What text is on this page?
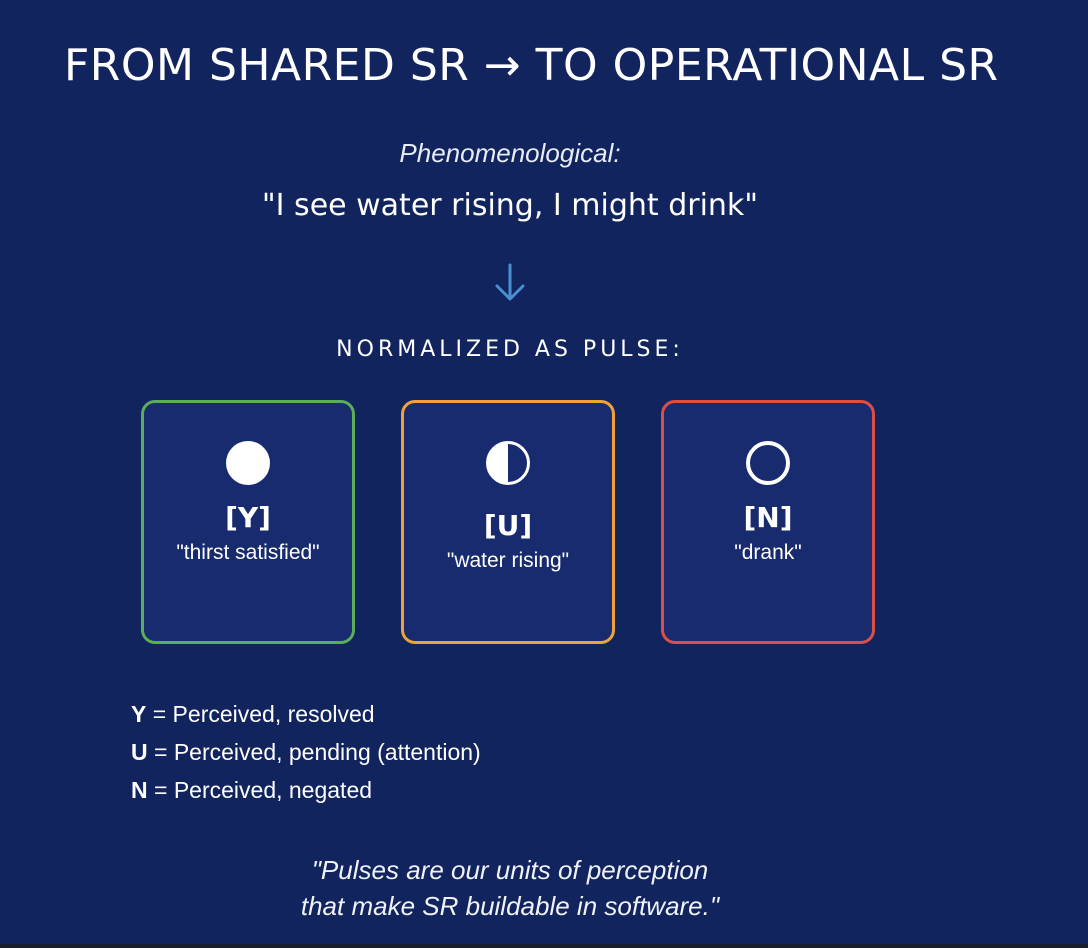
FROM SHARED SR → TO OPERATIONAL SR
Phenomenological:
"I see water rising, I might drink"
NORMALIZED AS PULSE:
[Y]
"thirst satisfied"
[U]
"water rising"
[N]
"drank"
Y = Perceived, resolved
U = Perceived, pending (attention)
N = Perceived, negated
"Pulses are our units of perception
that make SR buildable in software."
